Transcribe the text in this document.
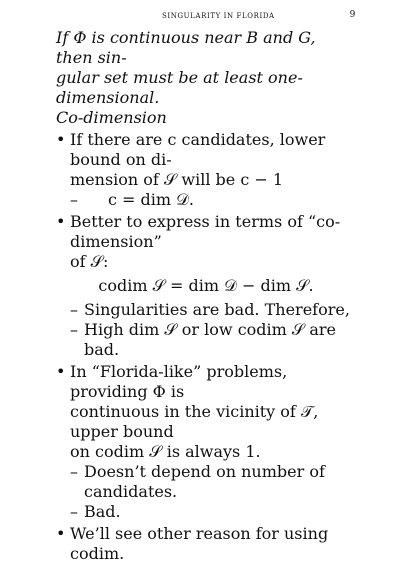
SINGULARITY IN FLORIDA	9
If Φ is continuous near B and G, then sin-
gular set must be at least one-dimensional.
Co-dimension
• If there are c candidates, lower bound on di-
mension of 𝒮 will be c − 1
– c = dim 𝒟.
• Better to express in terms of “co-dimension”
of 𝒮:
codim 𝒮 = dim 𝒟 − dim 𝒮.
– Singularities are bad. Therefore,
– High dim 𝒮 or low codim 𝒮 are bad.
• In “Florida-like” problems, providing Φ is
continuous in the vicinity of 𝒯, upper bound
on codim 𝒮 is always 1.
– Doesn’t depend on number of candidates.
– Bad.
• We’ll see other reason for using codim.
